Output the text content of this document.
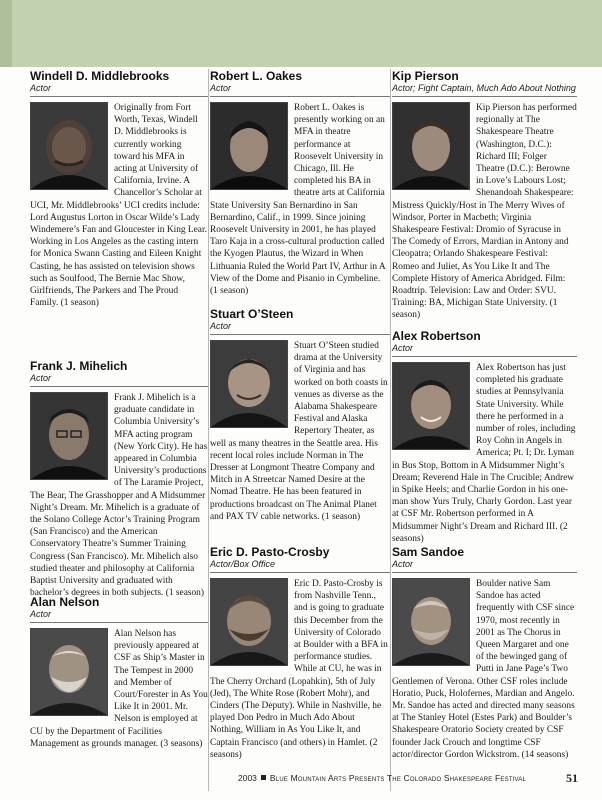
Windell D. Middlebrooks
Actor

Originally from Fort Worth, Texas, Windell D. Middlebrooks is currently working toward his MFA in acting at University of California, Irvine. A Chancellor’s Scholar at UCI, Mr. Middlebrooks’ UCI credits include: Lord Augustus Lorton in Oscar Wilde’s Lady Windemere’s Fan and Gloucester in King Lear. Working in Los Angeles as the casting intern for Monica Swann Casting and Eileen Knight Casting, he has assisted on television shows such as Soulfood, The Bernie Mac Show, Girlfriends, The Parkers and The Proud Family. (1 season)

Frank J. Mihelich
Actor

Frank J. Mihelich is a graduate candidate in Columbia University’s MFA acting program (New York City). He has appeared in Columbia University’s productions of The Laramie Project, The Bear, The Grasshopper and A Midsummer Night’s Dream. Mr. Mihelich is a graduate of the Solano College Actor’s Training Program (San Francisco) and the American Conservatory Theatre’s Summer Training Congress (San Francisco). Mr. Mihelich also studied theater and philosophy at California Baptist University and graduated with bachelor’s degrees in both subjects. (1 season)

Alan Nelson
Actor

Alan Nelson has previously appeared at CSF as Ship’s Master in The Tempest in 2000 and Member of Court/Forester in As You Like It in 2001. Mr. Nelson is employed at CU by the Department of Facilities Management as grounds manager. (3 seasons)

Robert L. Oakes
Actor

Robert L. Oakes is presently working on an MFA in theatre performance at Roosevelt University in Chicago, Ill. He completed his BA in theatre arts at California State University San Bernardino in San Bernardino, Calif., in 1999. Since joining Roosevelt University in 2001, he has played Taro Kaja in a cross-cultural production called the Kyogen Plautus, the Wizard in When Lithuania Ruled the World Part IV, Arthur in A View of the Dome and Pisanio in Cymbeline. (1 season)

Stuart O’Steen
Actor

Stuart O’Steen studied drama at the University of Virginia and has worked on both coasts in venues as diverse as the Alabama Shakespeare Festival and Alaska Repertory Theater, as well as many theatres in the Seattle area. His recent local roles include Norman in The Dresser at Longmont Theatre Company and Mitch in A Streetcar Named Desire at the Nomad Theatre. He has been featured in productions broadcast on The Animal Planet and PAX TV cable networks. (1 season)

Eric D. Pasto-Crosby
Actor/Box Office

Eric D. Pasto-Crosby is from Nashville Tenn., and is going to graduate this December from the University of Colorado at Boulder with a BFA in performance studies. While at CU, he was in The Cherry Orchard (Lopahkin), 5th of July (Jed), The White Rose (Robert Mohr), and Cinders (The Deputy). While in Nashville, he played Don Pedro in Much Ado About Nothing, William in As You Like It, and Captain Francisco (and others) in Hamlet. (2 seasons)

Kip Pierson
Actor; Fight Captain, Much Ado About Nothing

Kip Pierson has performed regionally at The Shakespeare Theatre (Washington, D.C.): Richard III; Folger Theatre (D.C.): Berowne in Love’s Labours Lost; Shenandoah Shakespeare: Mistress Quickly/Host in The Merry Wives of Windsor, Porter in Macbeth; Virginia Shakespeare Festival: Dromio of Syracuse in The Comedy of Errors, Mardian in Antony and Cleopatra; Orlando Shakespeare Festival: Romeo and Juliet, As You Like It and The Complete History of America Abridged. Film: Roadtrip. Television: Law and Order: SVU. Training: BA, Michigan State University. (1 season)

Alex Robertson
Actor

Alex Robertson has just completed his graduate studies at Pennsylvania State University. While there he performed in a number of roles, including Roy Cohn in Angels in America; Pt. I; Dr. Lyman in Bus Stop, Bottom in A Midsummer Night’s Dream; Reverend Hale in The Crucible; Andrew in Spike Heels; and Charlie Gordon in his one-man show Yurs Truly, Charly Gordon. Last year at CSF Mr. Robertson performed in A Midsummer Night’s Dream and Richard III. (2 seasons)

Sam Sandoe
Actor

Boulder native Sam Sandoe has acted frequently with CSF since 1970, most recently in 2001 as The Chorus in Queen Margaret and one of the bewinged gang of Putti in Jane Page’s Two Gentlemen of Verona. Other CSF roles include Horatio, Puck, Holofernes, Mardian and Angelo. Mr. Sandoe has acted and directed many seasons at The Stanley Hotel (Estes Park) and Boulder’s Shakespeare Oratorio Society created by CSF founder Jack Crouch and longtime CSF actor/director Gordon Wickstrom. (14 seasons)

2003 Blue Mountain Arts Presents The Colorado Shakespeare Festival	51
